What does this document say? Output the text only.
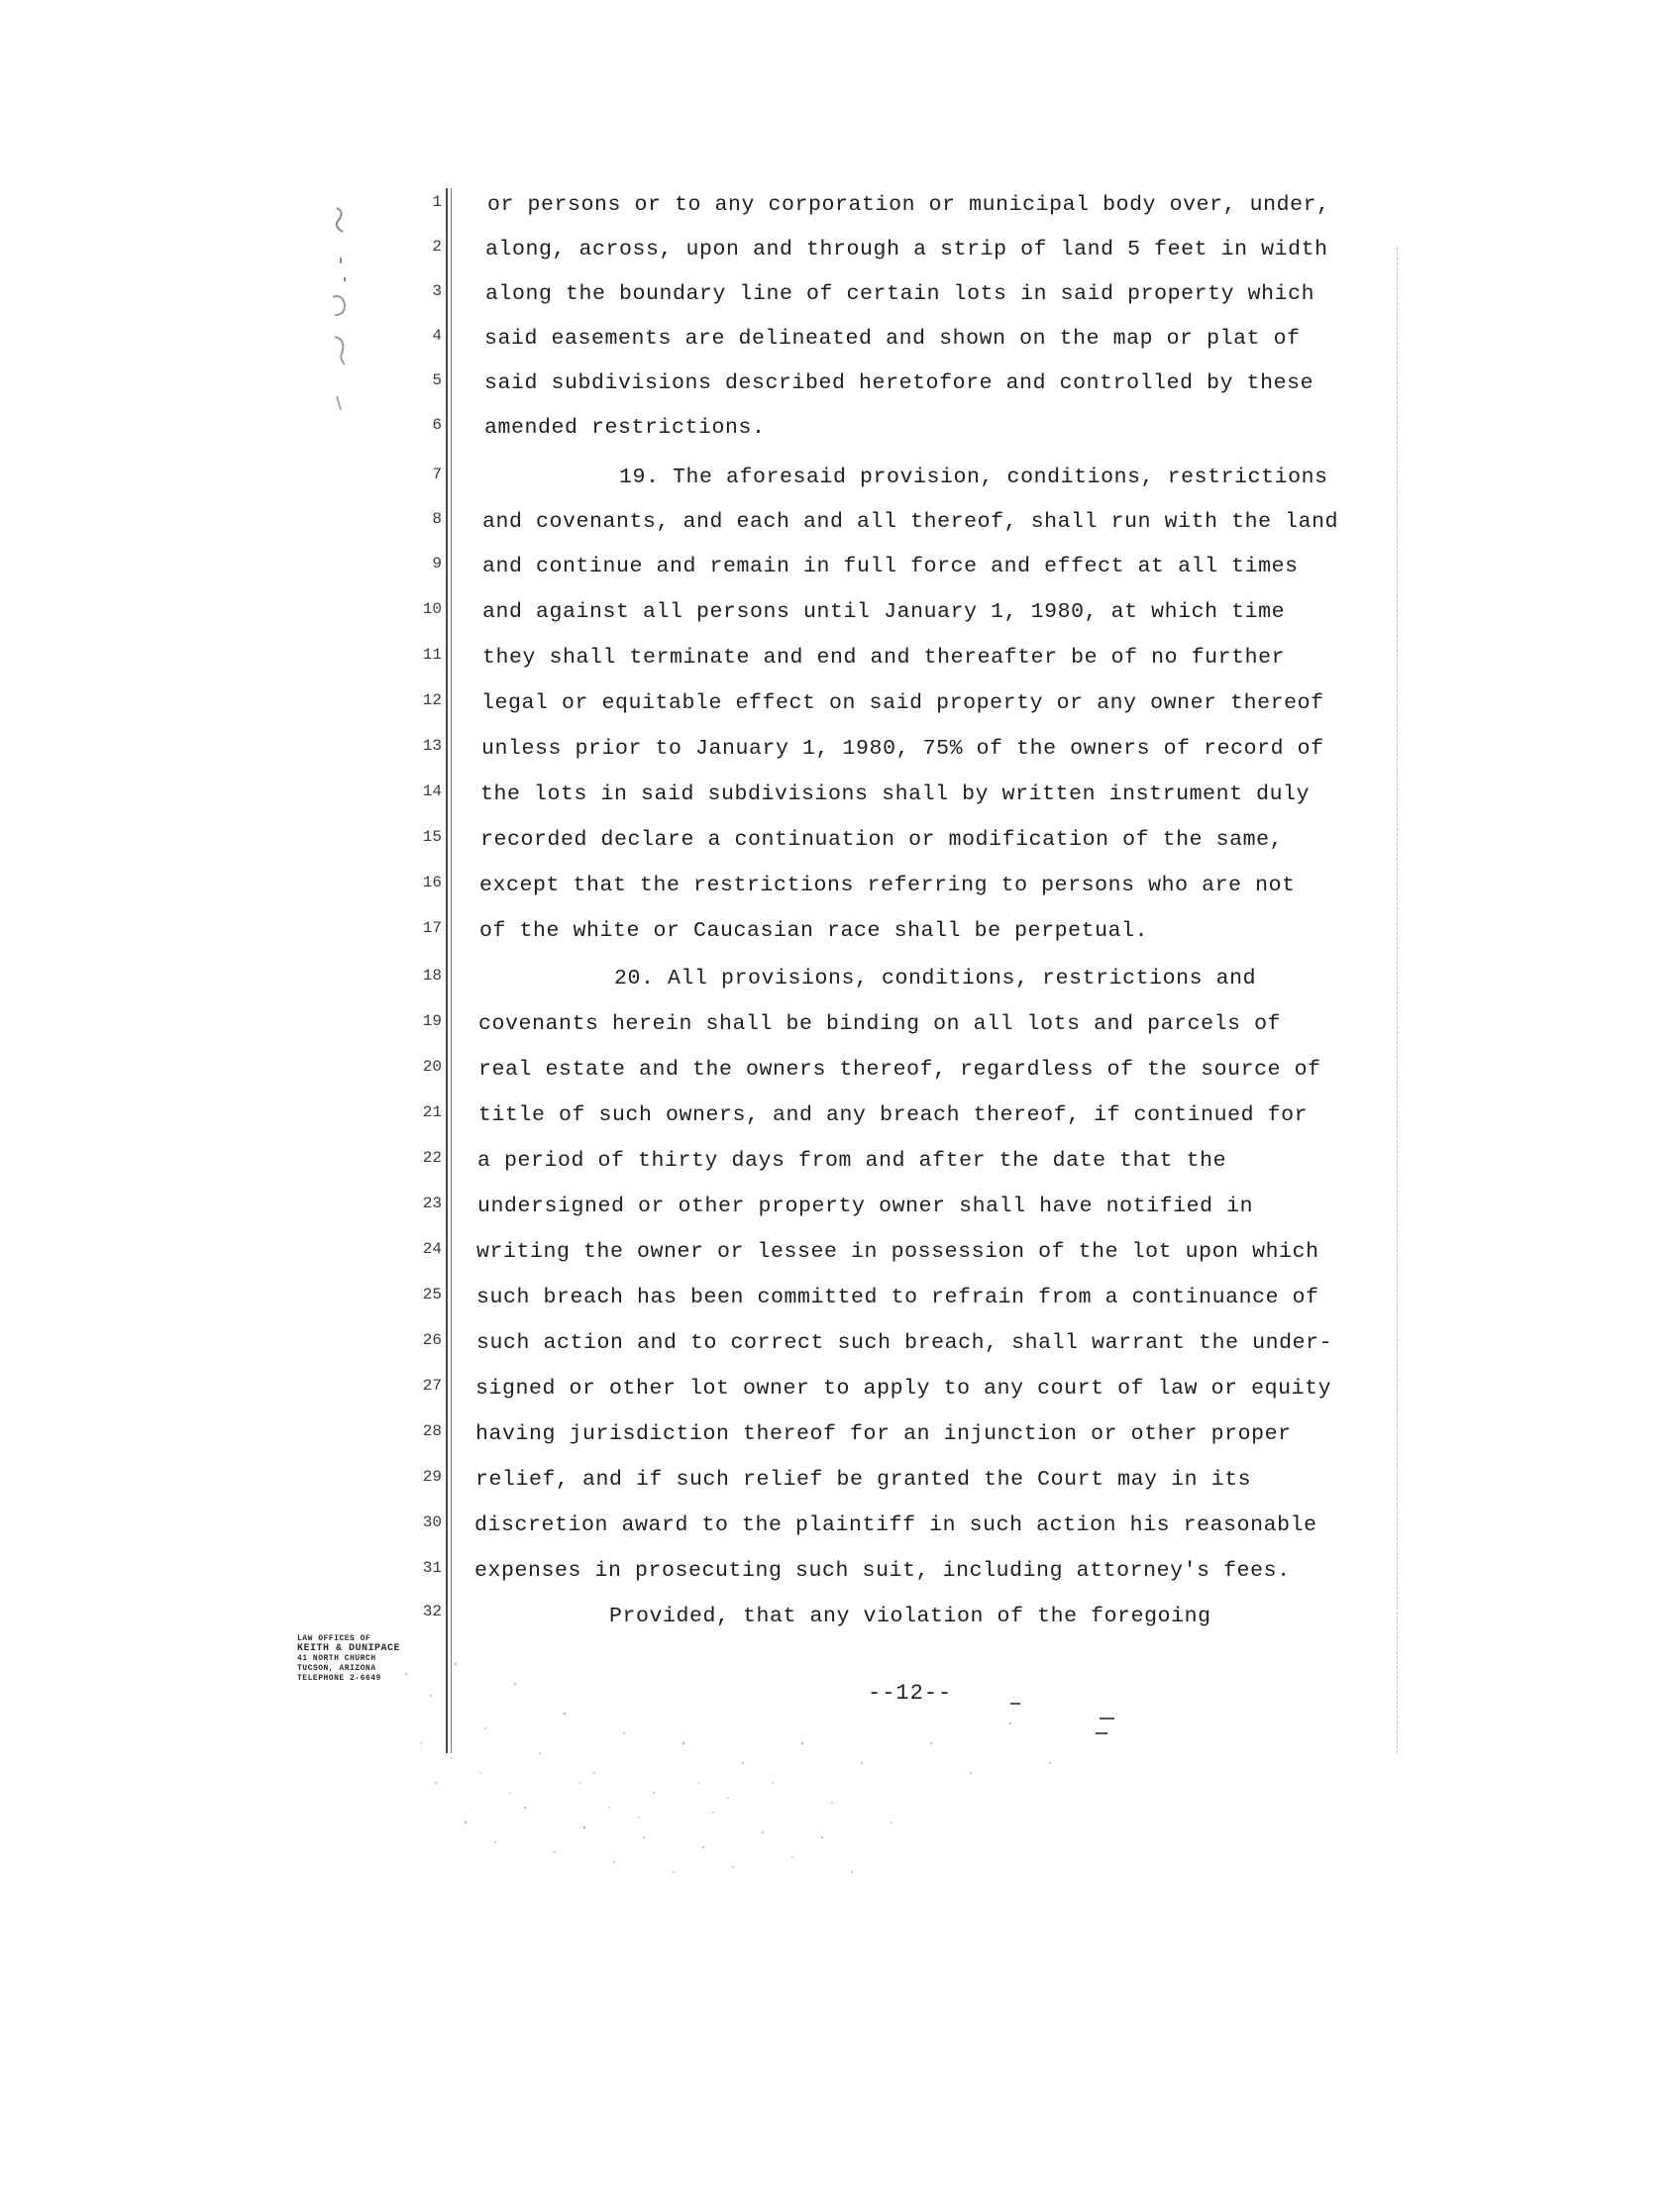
1
2
3
4
5
6
7
8
9
10
11
12
13
14
15
16
17
18
19
20
21
22
23
24
25
26
27
28
29
30
31
32
or persons or to any corporation or municipal body over, under,
along, across, upon and through a strip of land 5 feet in width
along the boundary line of certain lots in said property which
said easements are delineated and shown on the map or plat of
said subdivisions described heretofore and controlled by these
amended restrictions.
19. The aforesaid provision, conditions, restrictions
and covenants, and each and all thereof, shall run with the land
and continue and remain in full force and effect at all times
and against all persons until January 1, 1980, at which time
they shall terminate and end and thereafter be of no further
legal or equitable effect on said property or any owner thereof
unless prior to January 1, 1980, 75% of the owners of record of
the lots in said subdivisions shall by written instrument duly
recorded declare a continuation or modification of the same,
except that the restrictions referring to persons who are not
of the white or Caucasian race shall be perpetual.
20. All provisions, conditions, restrictions and
covenants herein shall be binding on all lots and parcels of
real estate and the owners thereof, regardless of the source of
title of such owners, and any breach thereof, if continued for
a period of thirty days from and after the date that the
undersigned or other property owner shall have notified in
writing the owner or lessee in possession of the lot upon which
such breach has been committed to refrain from a continuance of
such action and to correct such breach, shall warrant the under-
signed or other lot owner to apply to any court of law or equity
having jurisdiction thereof for an injunction or other proper
relief, and if such relief be granted the Court may in its
discretion award to the plaintiff in such action his reasonable
expenses in prosecuting such suit, including attorney's fees.
Provided, that any violation of the foregoing
LAW OFFICES OF
KEITH & DUNIPACE
41 NORTH CHURCH
TUCSON, ARIZONA
TELEPHONE 2-6649
--12--
